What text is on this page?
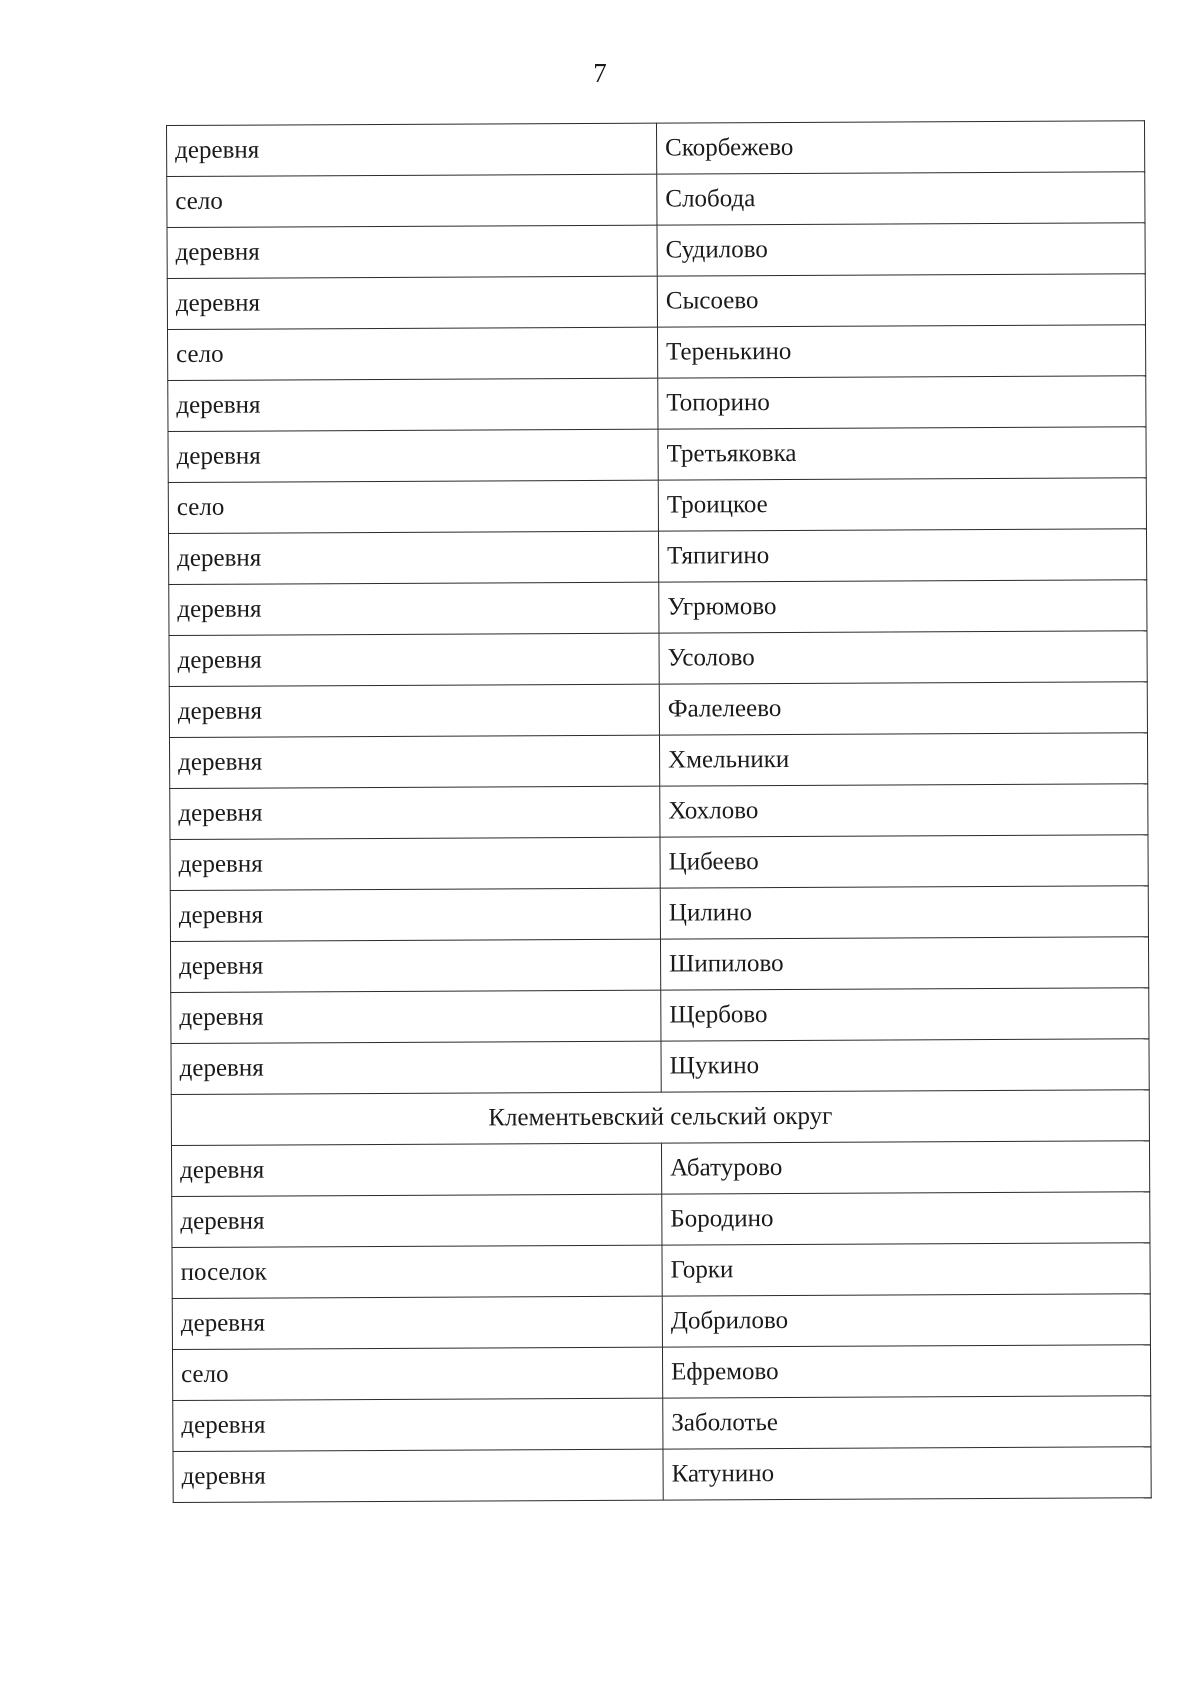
7
деревня	Скорбежево
село	Слобода
деревня	Судилово
деревня	Сысоево
село	Теренькино
деревня	Топорино
деревня	Третьяковка
село	Троицкое
деревня	Тяпигино
деревня	Угрюмово
деревня	Усолово
деревня	Фалелеево
деревня	Хмельники
деревня	Хохлово
деревня	Цибеево
деревня	Цилино
деревня	Шипилово
деревня	Щербово
деревня	Щукино
Клементьевский сельский округ	
деревня	Абатурово
деревня	Бородино
поселок	Горки
деревня	Добрилово
село	Ефремово
деревня	Заболотье
деревня	Катунино
